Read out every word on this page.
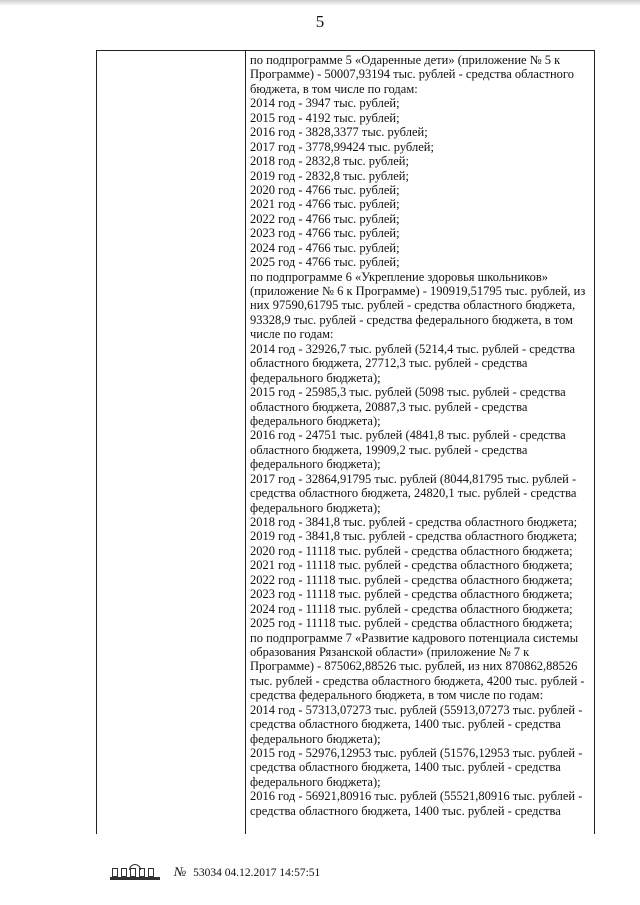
5
по подпрограмме 5 «Одаренные дети» (приложение № 5 к
Программе) - 50007,93194 тыс. рублей - средства областного
бюджета, в том числе по годам:
2014 год - 3947 тыс. рублей;
2015 год - 4192 тыс. рублей;
2016 год - 3828,3377 тыс. рублей;
2017 год - 3778,99424 тыс. рублей;
2018 год - 2832,8 тыс. рублей;
2019 год - 2832,8 тыс. рублей;
2020 год - 4766 тыс. рублей;
2021 год - 4766 тыс. рублей;
2022 год - 4766 тыс. рублей;
2023 год - 4766 тыс. рублей;
2024 год - 4766 тыс. рублей;
2025 год - 4766 тыс. рублей;
по подпрограмме 6 «Укрепление здоровья школьников»
(приложение № 6 к Программе) - 190919,51795 тыс. рублей, из
них 97590,61795 тыс. рублей - средства областного бюджета,
93328,9 тыс. рублей - средства федерального бюджета, в том
числе по годам:
2014 год - 32926,7 тыс. рублей (5214,4 тыс. рублей - средства
областного бюджета, 27712,3 тыс. рублей - средства
федерального бюджета);
2015 год - 25985,3 тыс. рублей (5098 тыс. рублей - средства
областного бюджета, 20887,3 тыс. рублей - средства
федерального бюджета);
2016 год - 24751 тыс. рублей (4841,8 тыс. рублей - средства
областного бюджета, 19909,2 тыс. рублей - средства
федерального бюджета);
2017 год - 32864,91795 тыс. рублей (8044,81795 тыс. рублей -
средства областного бюджета, 24820,1 тыс. рублей - средства
федерального бюджета);
2018 год - 3841,8 тыс. рублей - средства областного бюджета;
2019 год - 3841,8 тыс. рублей - средства областного бюджета;
2020 год - 11118 тыс. рублей - средства областного бюджета;
2021 год - 11118 тыс. рублей - средства областного бюджета;
2022 год - 11118 тыс. рублей - средства областного бюджета;
2023 год - 11118 тыс. рублей - средства областного бюджета;
2024 год - 11118 тыс. рублей - средства областного бюджета;
2025 год - 11118 тыс. рублей - средства областного бюджета;
по подпрограмме 7 «Развитие кадрового потенциала системы
образования Рязанской области» (приложение № 7 к
Программе) - 875062,88526 тыс. рублей, из них 870862,88526
тыс. рублей - средства областного бюджета, 4200 тыс. рублей -
средства федерального бюджета, в том числе по годам:
2014 год - 57313,07273 тыс. рублей (55913,07273 тыс. рублей -
средства областного бюджета, 1400 тыс. рублей - средства
федерального бюджета);
2015 год - 52976,12953 тыс. рублей (51576,12953 тыс. рублей -
средства областного бюджета, 1400 тыс. рублей - средства
федерального бюджета);
2016 год - 56921,80916 тыс. рублей (55521,80916 тыс. рублей -
средства областного бюджета, 1400 тыс. рублей - средства
№ 53034 04.12.2017 14:57:51
